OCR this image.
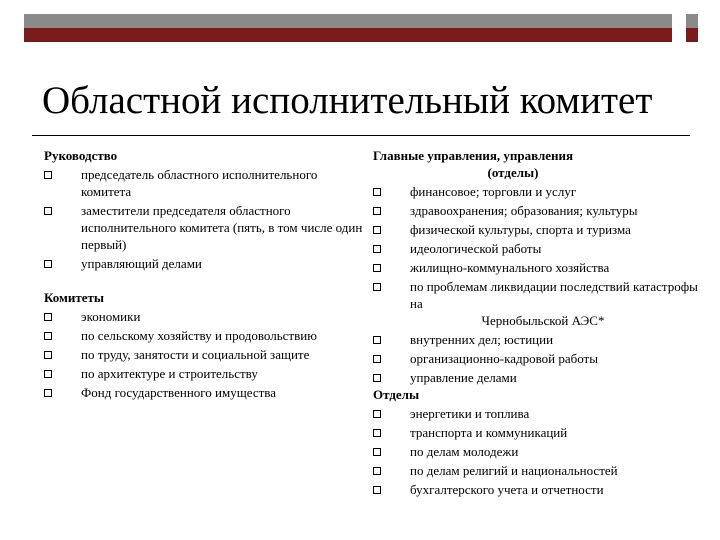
Областной исполнительный комитет

Руководство

председатель областного исполнительного комитета
заместители председателя областного исполнительного комитета (пять, в том числе один первый)
управляющий делами

Комитеты

экономики
по сельскому хозяйству и продовольствию
по труду, занятости и социальной защите
по архитектуре и строительству
Фонд государственного имущества

Главные управления, управления

(отделы)
финансовое; торговли и услуг
здравоохранения; образования; культуры
физической культуры, спорта и туризма
идеологической работы
жилищно-коммунального хозяйства
по проблемам ликвидации последствий катастрофы на
Чернобыльской АЭС*
внутренних дел; юстиции
организационно-кадровой работы
управление делами

Отделы

энергетики и топлива
транспорта и коммуникаций
по делам молодежи
по делам религий и национальностей
бухгалтерского учета и отчетности
